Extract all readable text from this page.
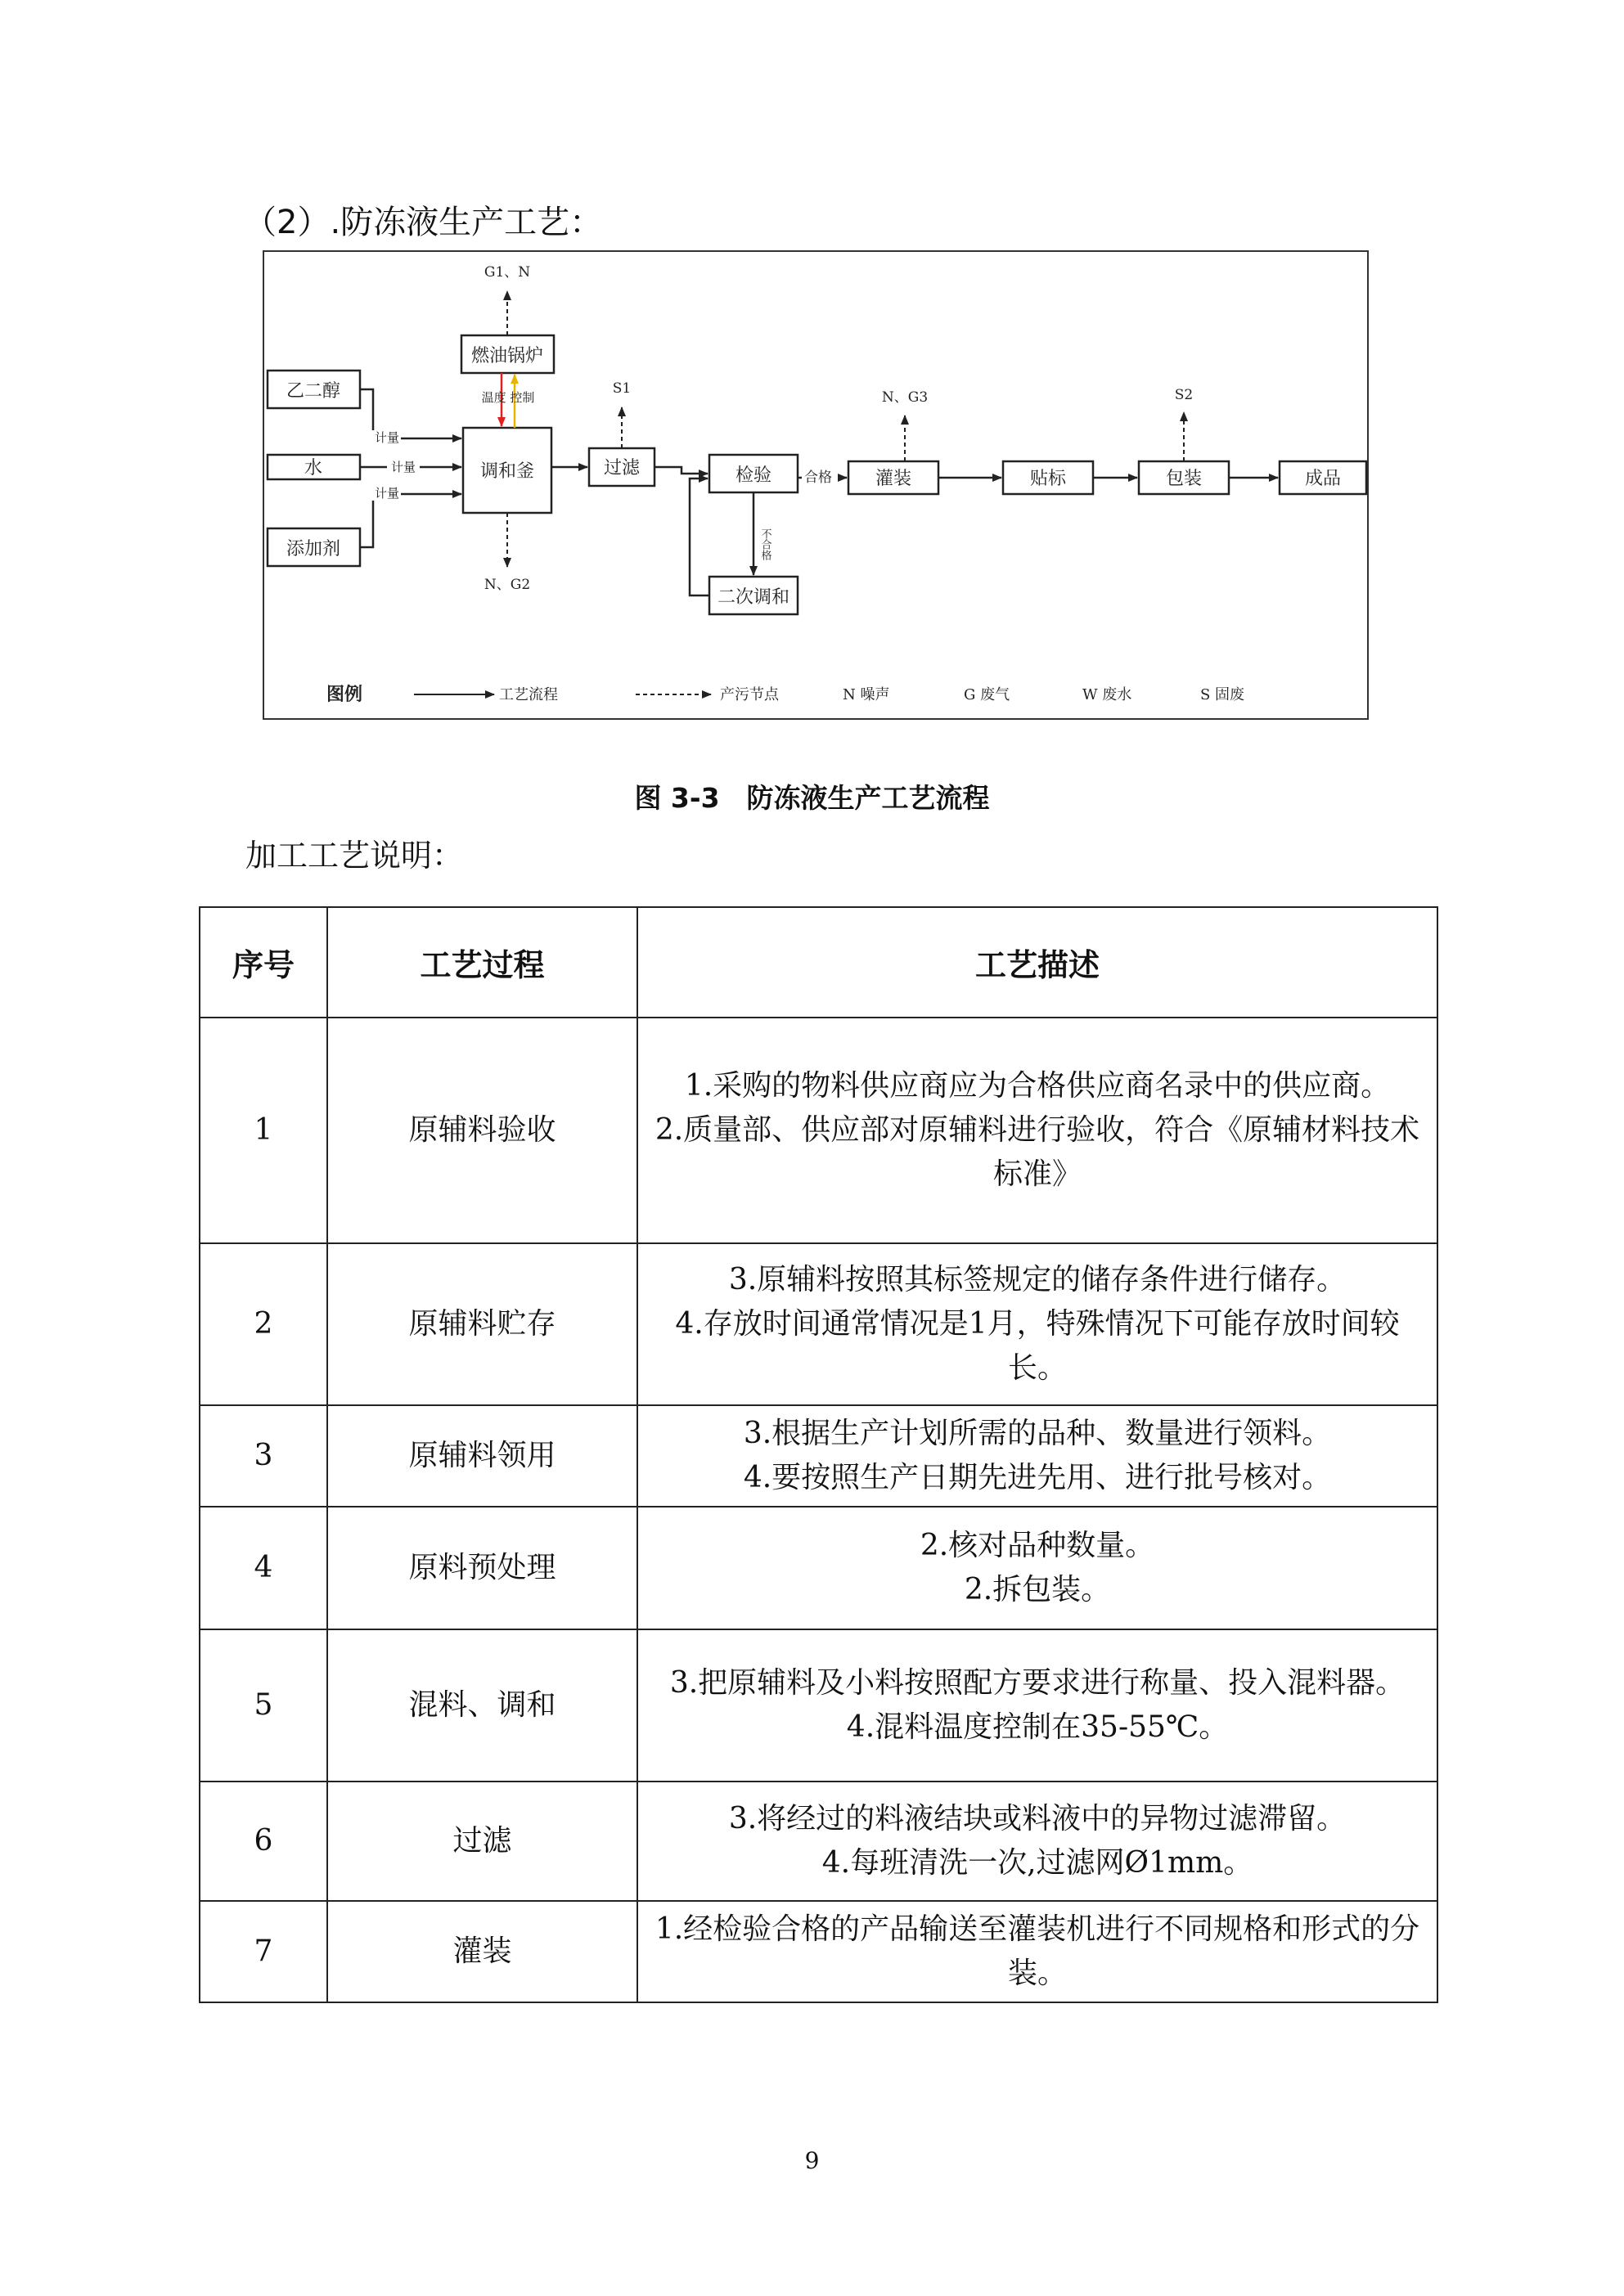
（2）.防冻液生产工艺：
乙二醇
水
添加剂
燃油锅炉
调和釜	过滤	检验
二次调和
灌装	贴标	包装	成品
计量
计量
计量
温度 控制
合格
不合格
G1、N
N、G2
S1
N、G3	S2
图例	工艺流程	产污节点	N 噪声	G 废气	W 废水	S 固废
图 3-3　防冻液生产工艺流程
加工工艺说明：
序号	工艺过程	工艺描述
1	原辅料验收	1.采购的物料供应商应为合格供应商名录中的供应商。
2.质量部、供应部对原辅料进行验收，符合《原辅材料技术标准》

2	原辅料贮存	3.原辅料按照其标签规定的储存条件进行储存。
4.存放时间通常情况是1月，特殊情况下可能存放时间较长。

3	原辅料领用	3.根据生产计划所需的品种、数量进行领料。
4.要按照生产日期先进先用、进行批号核对。

4	原料预处理	2.核对品种数量。
2.拆包装。

5	混料、调和	3.把原辅料及小料按照配方要求进行称量、投入混料器。
4.混料温度控制在35-55℃。

6	过滤	3.将经过的料液结块或料液中的异物过滤滞留。
4.每班清洗一次,过滤网Ø1mm。

7	灌装	1.经检验合格的产品输送至灌装机进行不同规格和形式的分装。
9
